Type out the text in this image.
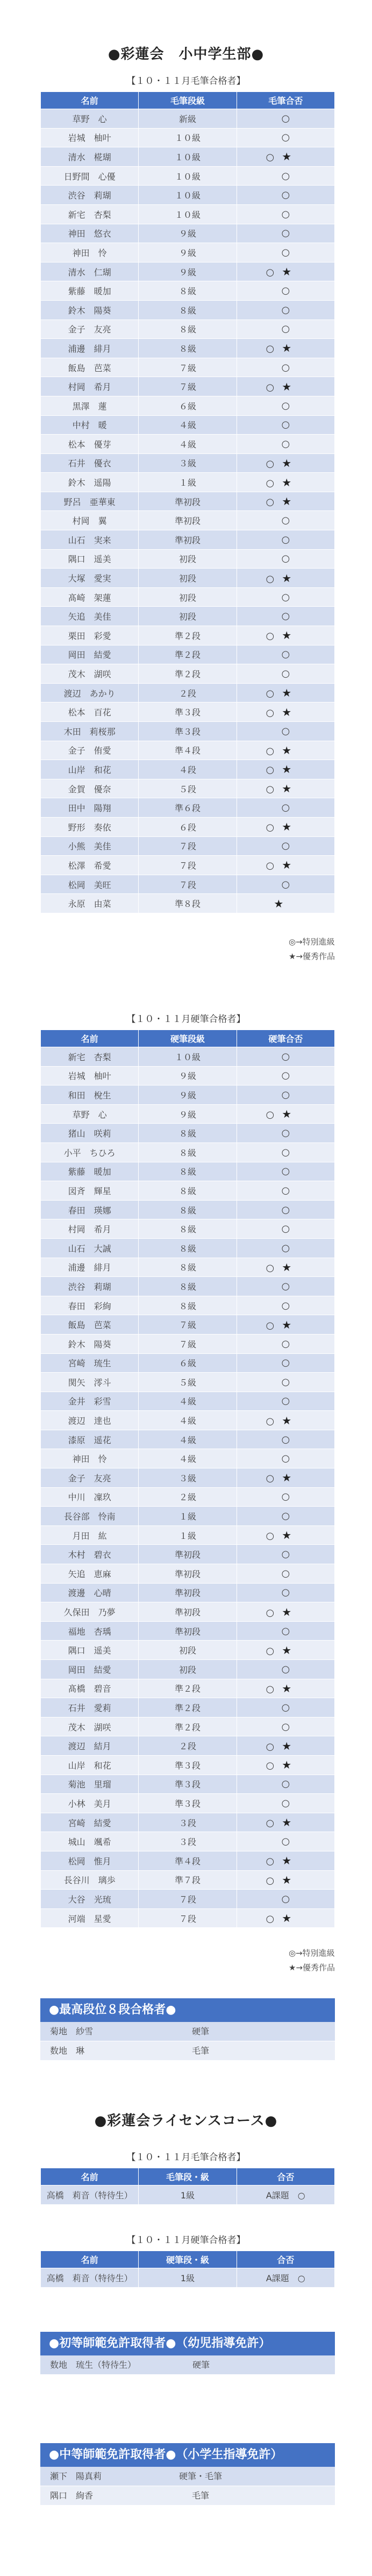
●彩蓮会　小中学生部●
【１０・１１月毛筆合格者】
名前	毛筆段級	毛筆合否
草野　心	新級	○
岩城　柚叶	１０級	○
清水　椛瑚	１０級	○ ★
日野間　心優	１０級	○
渋谷　莉瑚	１０級	○
新宅　杏梨	１０級	○
神田　悠衣	９級	○
神田　怜	９級	○
清水　仁瑚	９級	○ ★
紫藤　暖加	８級	○
鈴木　陽葵	８級	○
金子　友亮	８級	○
浦邊　緋月	８級	○ ★
飯島　芭菜	７級	○
村岡　希月	７級	○ ★
黒澤　蓮	６級	○
中村　暖	４級	○
松本　優芽	４級	○
石井　優衣	３級	○ ★
鈴木　遥陽	１級	○ ★
野呂　亜華東	準初段	○ ★
村岡　翼	準初段	○
山石　実来	準初段	○
隅口　遥美	初段	○
大塚　愛実	初段	○ ★
髙崎　架蓮	初段	○
矢追　美佳	初段	○
栗田　彩愛	準２段	○ ★
岡田　結愛	準２段	○
茂木　湖咲	準２段	○
渡辺　あかり	２段	○ ★
松本　百花	準３段	○ ★
木田　莉桜那	準３段	○
金子　侑愛	準４段	○ ★
山岸　和花	４段	○ ★
金賀　優奈	５段	○ ★
田中　陽翔	準６段	○
野形　奏依	６段	○ ★
小熊　美佳	７段	○
松澤　希愛	７段	○ ★
松岡　美旺	７段	○
永原　由菜	準８段	★
◎→特別進級
★→優秀作品
【１０・１１月硬筆合格者】
名前	硬筆段級	硬筆合否
新宅　杏梨	１０級	○
岩城　柚叶	９級	○
和田　梲生	９級	○
草野　心	９級	○ ★
猪山　咲莉	８級	○
小平　ちひろ	８級	○
紫藤　暖加	８級	○
図斉　輝星	８級	○
春田　瑛娜	８級	○
村岡　希月	８級	○
山石　大誠	８級	○
浦邊　緋月	８級	○ ★
渋谷　莉瑚	８級	○
春田　彩絢	８級	○
飯島　芭菜	７級	○ ★
鈴木　陽葵	７級	○
宮崎　琉生	６級	○
関矢　澪斗	５級	○
金井　彩雪	４級	○
渡辺　達也	４級	○ ★
漆原　遥花	４級	○
神田　怜	４級	○
金子　友亮	３級	○ ★
中川　凜玖	２級	○
長谷部　怜南	１級	○
月田　紘	１級	○ ★
木村　碧衣	準初段	○
矢追　恵麻	準初段	○
渡邊　心晴	準初段	○
久保田　乃夢	準初段	○ ★
福地　杏瑀	準初段	○
隅口　遥美	初段	○ ★
岡田　結愛	初段	○
髙橋　碧音	準２段	○ ★
石井　愛莉	準２段	○
茂木　湖咲	準２段	○
渡辺　結月	２段	○ ★
山岸　和花	準３段	○ ★
菊池　里瑠	準３段	○
小林　美月	準３段	○
宮崎　結愛	３段	○ ★
城山　颯希	３段	○
松岡　惟月	準４段	○ ★
長谷川　璃歩	準７段	○ ★
大谷　光琉	７段	○
河端　星愛	７段	○ ★
◎→特別進級
★→優秀作品
●最高段位８段合格者●
菊地　紗雪	硬筆
数地　琳	毛筆
●彩蓮会ライセンスコース●
【１０・１１月毛筆合格者】
名前	毛筆段・級	合否
高橋　莉音（特待生）	1級	A課題　○
【１０・１１月硬筆合格者】
名前	硬筆段・級	合否
高橋　莉音（特待生）	1級	A課題　○
●初等師範免許取得者●（幼児指導免許）
数地　琉生（特待生）	硬筆
●中等師範免許取得者●（小学生指導免許）
瀬下　陽真莉	硬筆・毛筆
隅口　絢香	毛筆
